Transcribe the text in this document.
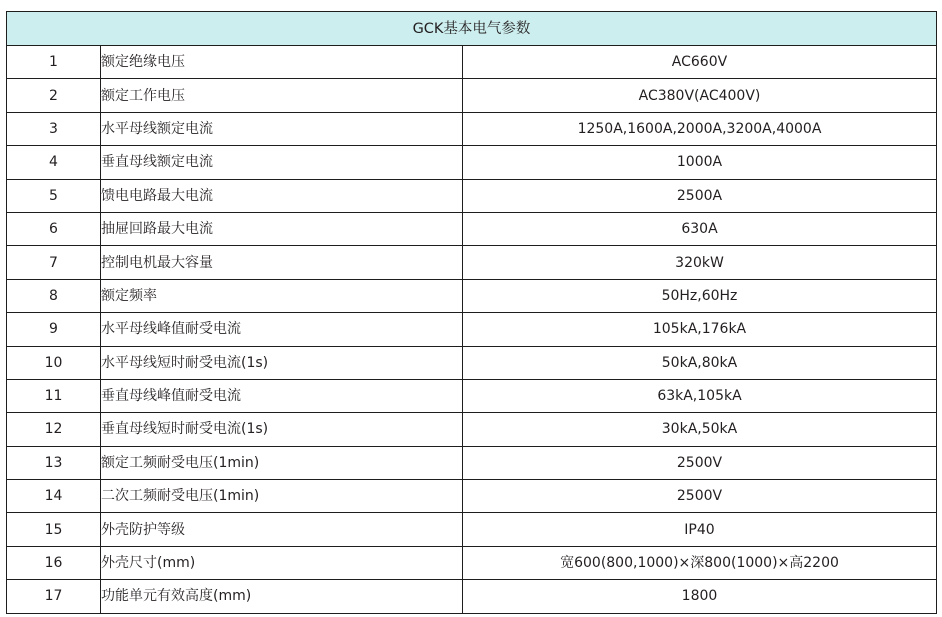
GCK基本电气参数		
1	额定绝缘电压	AC660V
2	额定工作电压	AC380V(AC400V)
3	水平母线额定电流	1250A,1600A,2000A,3200A,4000A
4	垂直母线额定电流	1000A
5	馈电电路最大电流	2500A
6	抽屉回路最大电流	630A
7	控制电机最大容量	320kW
8	额定频率	50Hz,60Hz
9	水平母线峰值耐受电流	105kA,176kA
10	水平母线短时耐受电流(1s)	50kA,80kA
11	垂直母线峰值耐受电流	63kA,105kA
12	垂直母线短时耐受电流(1s)	30kA,50kA
13	额定工频耐受电压(1min)	2500V
14	二次工频耐受电压(1min)	2500V
15	外壳防护等级	IP40
16	外壳尺寸(mm)	宽600(800,1000)×深800(1000)×高2200
17	功能单元有效高度(mm)	1800
